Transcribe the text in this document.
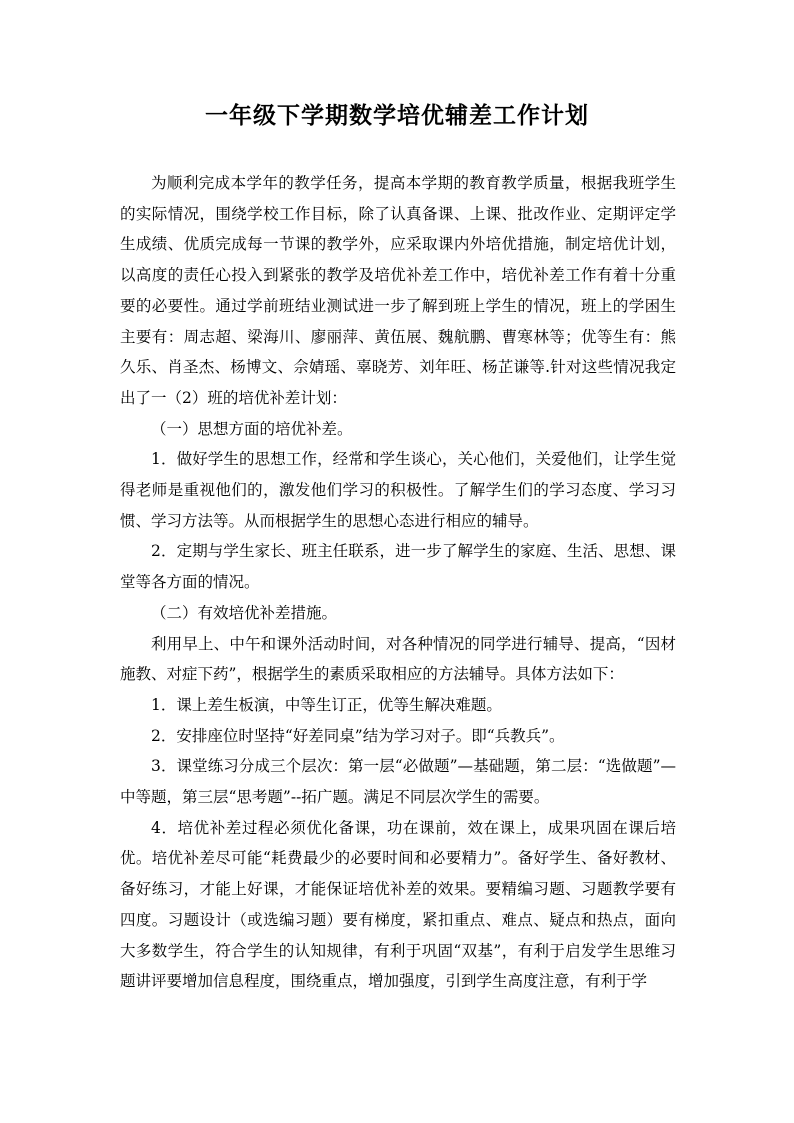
一年级下学期数学培优辅差工作计划

为顺利完成本学年的教学任务，提高本学期的教育教学质量，根据我班学生的实际情况，围绕学校工作目标，除了认真备课、上课、批改作业、定期评定学生成绩、优质完成每一节课的教学外，应采取课内外培优措施，制定培优计划，以高度的责任心投入到紧张的教学及培优补差工作中，培优补差工作有着十分重要的必要性。通过学前班结业测试进一步了解到班上学生的情况，班上的学困生主要有：周志超、梁海川、廖丽萍、黄伍展、魏航鹏、曹寒林等；优等生有：熊久乐、肖圣杰、杨博文、佘婧瑶、辜晓芳、刘年旺、杨芷谦等.针对这些情况我定出了一（2）班的培优补差计划：

（一）思想方面的培优补差。

1．做好学生的思想工作，经常和学生谈心，关心他们，关爱他们，让学生觉得老师是重视他们的，激发他们学习的积极性。了解学生们的学习态度、学习习惯、学习方法等。从而根据学生的思想心态进行相应的辅导。

2．定期与学生家长、班主任联系，进一步了解学生的家庭、生活、思想、课堂等各方面的情况。

（二）有效培优补差措施。

利用早上、中午和课外活动时间，对各种情况的同学进行辅导、提高，“因材施教、对症下药”，根据学生的素质采取相应的方法辅导。具体方法如下：

1．课上差生板演，中等生订正，优等生解决难题。

2．安排座位时坚持“好差同桌”结为学习对子。即“兵教兵”。

3．课堂练习分成三个层次：第一层“必做题”—基础题，第二层：“选做题”—中等题，第三层“思考题”--拓广题。满足不同层次学生的需要。

4．培优补差过程必须优化备课，功在课前，效在课上，成果巩固在课后培优。培优补差尽可能“耗费最少的必要时间和必要精力”。备好学生、备好教材、备好练习，才能上好课，才能保证培优补差的效果。要精编习题、习题教学要有四度。习题设计（或选编习题）要有梯度，紧扣重点、难点、疑点和热点，面向大多数学生，符合学生的认知规律，有利于巩固“双基”，有利于启发学生思维习题讲评要增加信息程度，围绕重点，增加强度，引到学生高度注意，有利于学
